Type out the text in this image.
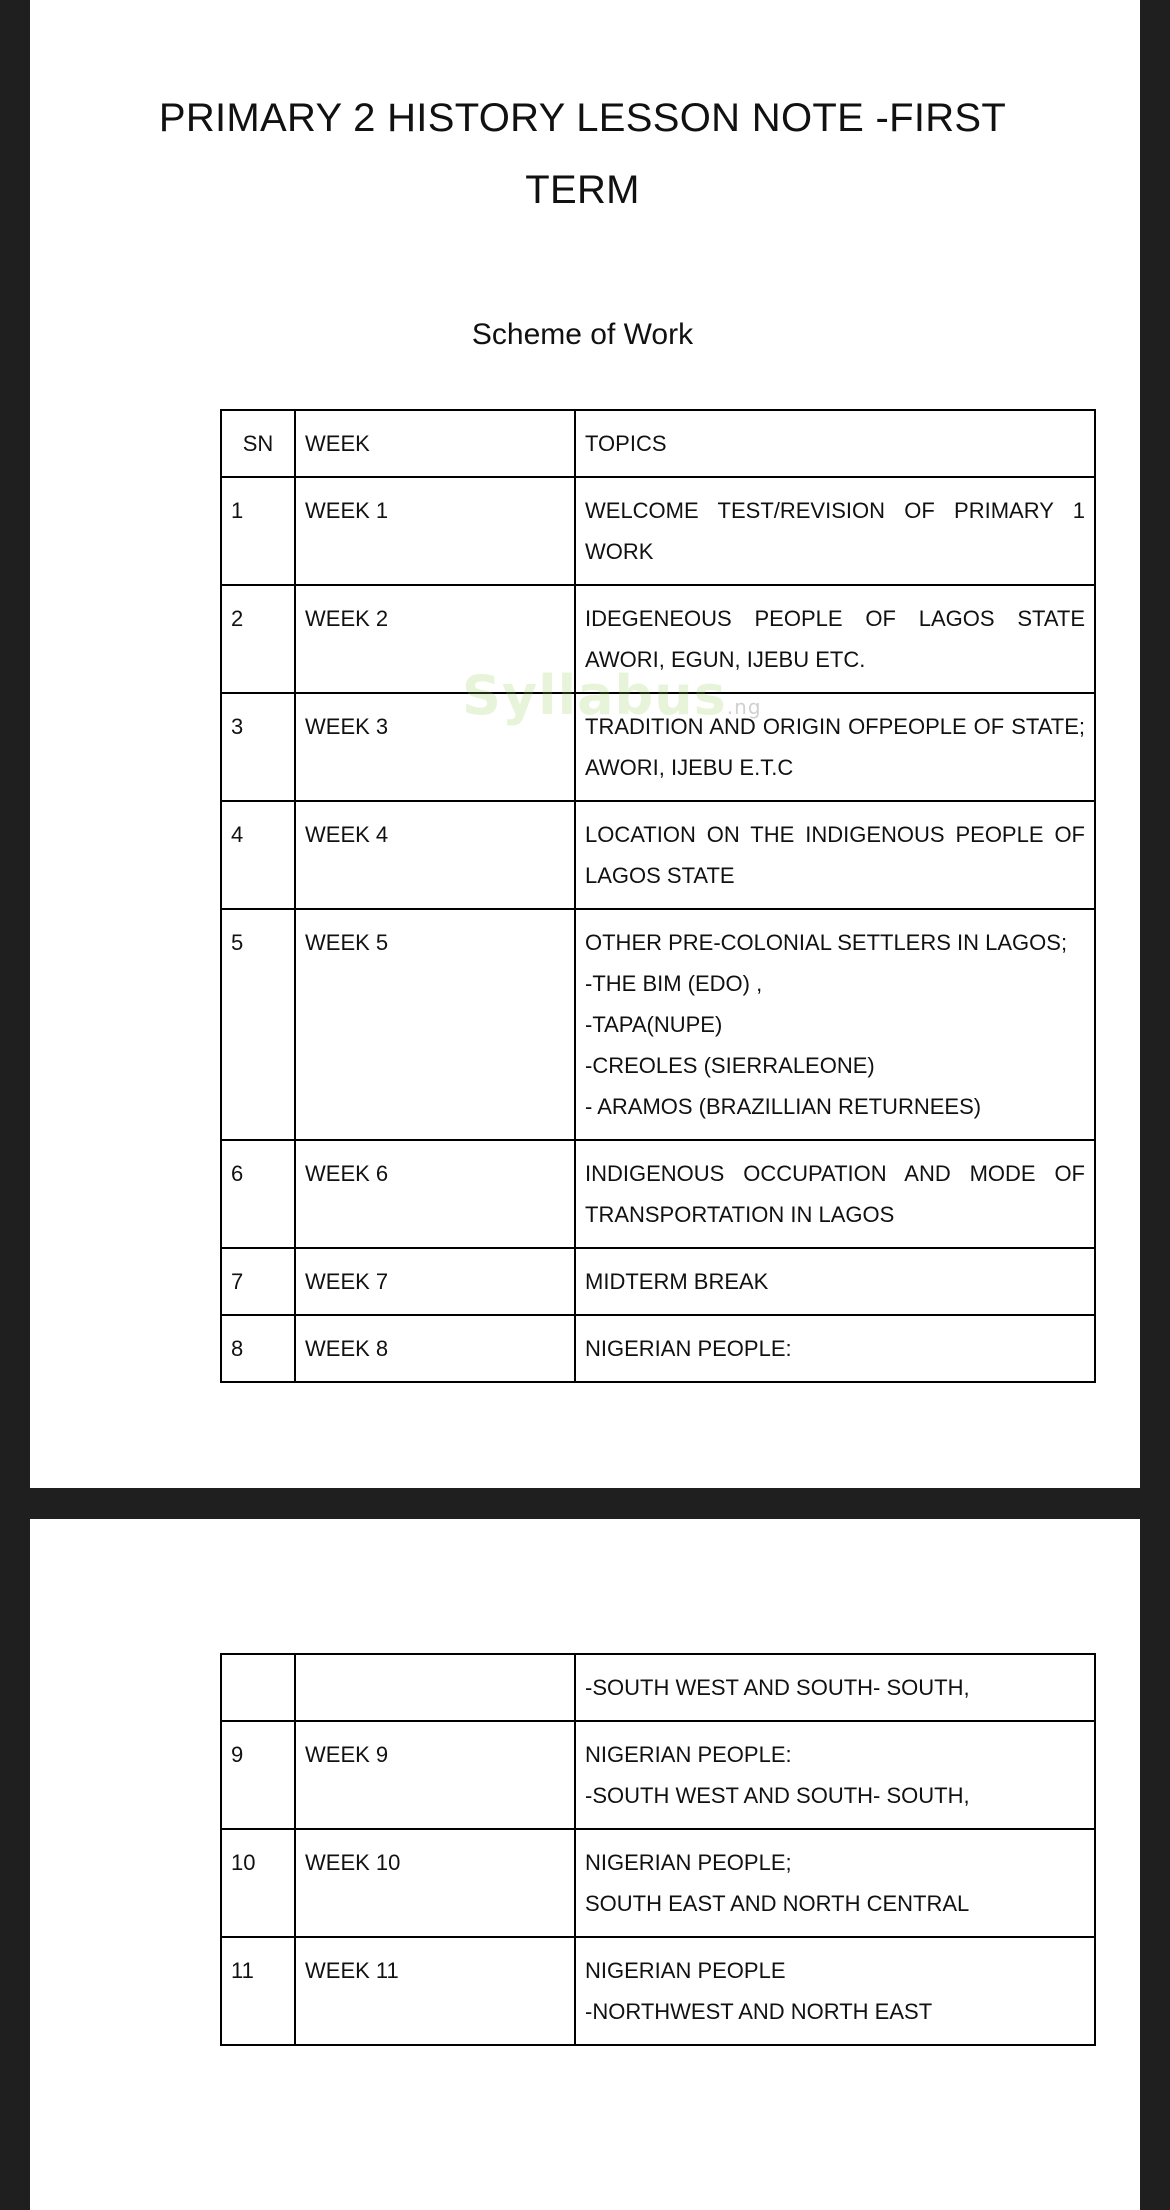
PRIMARY 2 HISTORY LESSON NOTE -FIRST TERM
Scheme of Work
SN	WEEK	TOPICS
1	WEEK 1	WELCOME TEST/REVISION OF PRIMARY 1 WORK

2	WEEK 2	IDEGENEOUS PEOPLE OF LAGOS STATE AWORI, EGUN, IJEBU ETC.

3	WEEK 3	TRADITION AND ORIGIN OFPEOPLE OF STATE; AWORI, IJEBU E.T.C

4	WEEK 4	LOCATION ON THE INDIGENOUS PEOPLE OF LAGOS STATE

5	WEEK 5	OTHER PRE-COLONIAL SETTLERS IN LAGOS;
-THE BIM (EDO) ,
-TAPA(NUPE)
-CREOLES (SIERRALEONE)
- ARAMOS (BRAZILLIAN RETURNEES)

6	WEEK 6	INDIGENOUS OCCUPATION AND MODE OF TRANSPORTATION IN LAGOS

7	WEEK 7	MIDTERM BREAK

8	WEEK 8	NIGERIAN PEOPLE:
Syllabus.ng

		-SOUTH WEST AND SOUTH- SOUTH,

9	WEEK 9	NIGERIAN PEOPLE:
-SOUTH WEST AND SOUTH- SOUTH,

10	WEEK 10	NIGERIAN PEOPLE;
SOUTH EAST AND NORTH CENTRAL

11	WEEK 11	NIGERIAN PEOPLE
-NORTHWEST AND NORTH EAST
